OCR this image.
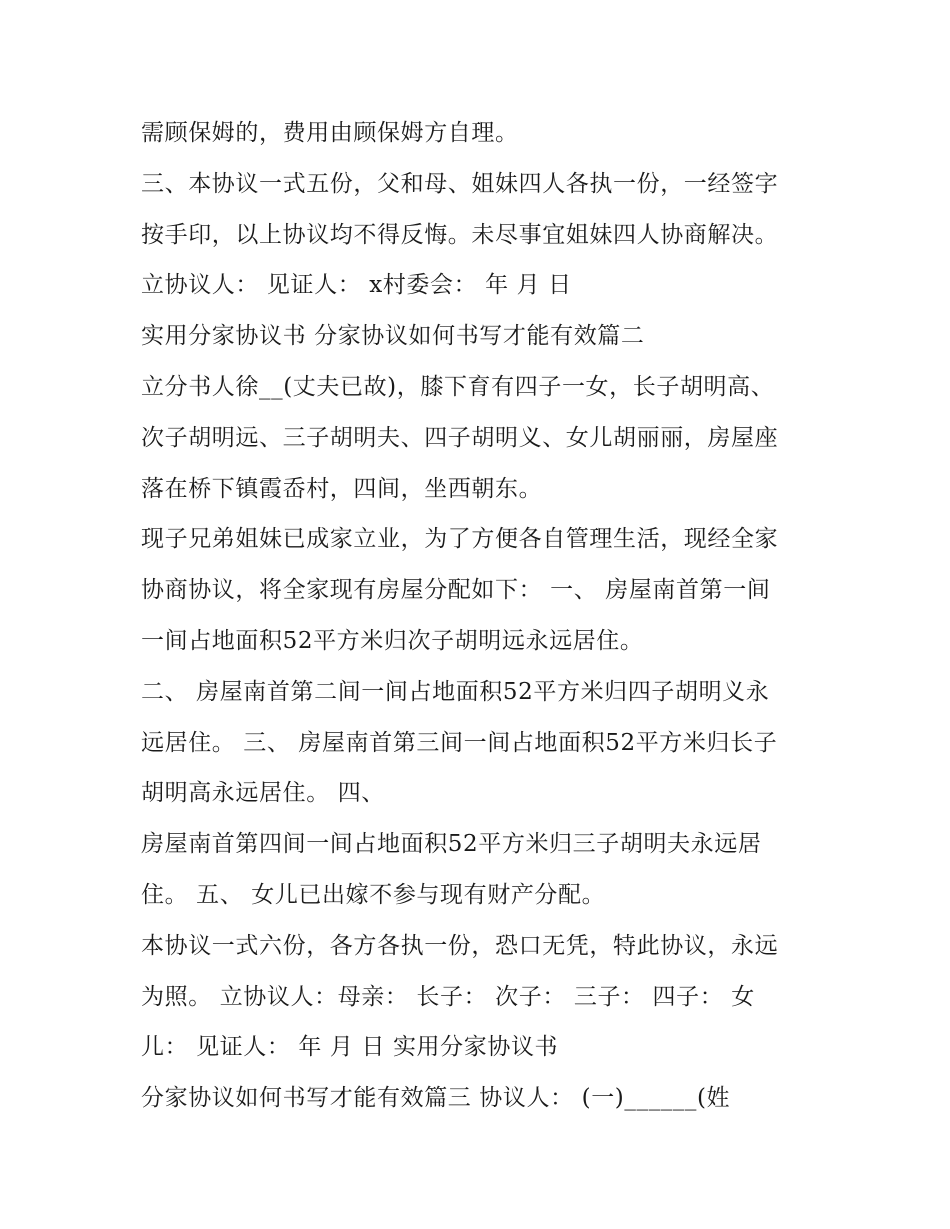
需顾保姆的，费用由顾保姆方自理。
三、本协议一式五份，父和母、姐妹四人各执一份，一经签字
按手印，以上协议均不得反悔。未尽事宜姐妹四人协商解决。
立协议人： 见证人： x村委会： 年 月 日
实用分家协议书 分家协议如何书写才能有效篇二
立分书人徐__(丈夫已故)，膝下育有四子一女，长子胡明高、
次子胡明远、三子胡明夫、四子胡明义、女儿胡丽丽，房屋座
落在桥下镇霞岙村，四间，坐西朝东。
现子兄弟姐妹已成家立业，为了方便各自管理生活，现经全家
协商协议，将全家现有房屋分配如下： 一、 房屋南首第一间
一间占地面积52平方米归次子胡明远永远居住。
二、 房屋南首第二间一间占地面积52平方米归四子胡明义永
远居住。 三、 房屋南首第三间一间占地面积52平方米归长子
胡明高永远居住。 四、
房屋南首第四间一间占地面积52平方米归三子胡明夫永远居
住。 五、 女儿已出嫁不参与现有财产分配。
本协议一式六份，各方各执一份，恐口无凭，特此协议，永远
为照。 立协议人：母亲： 长子： 次子： 三子： 四子： 女
儿： 见证人： 年 月 日 实用分家协议书
分家协议如何书写才能有效篇三 协议人： (一)______(姓
